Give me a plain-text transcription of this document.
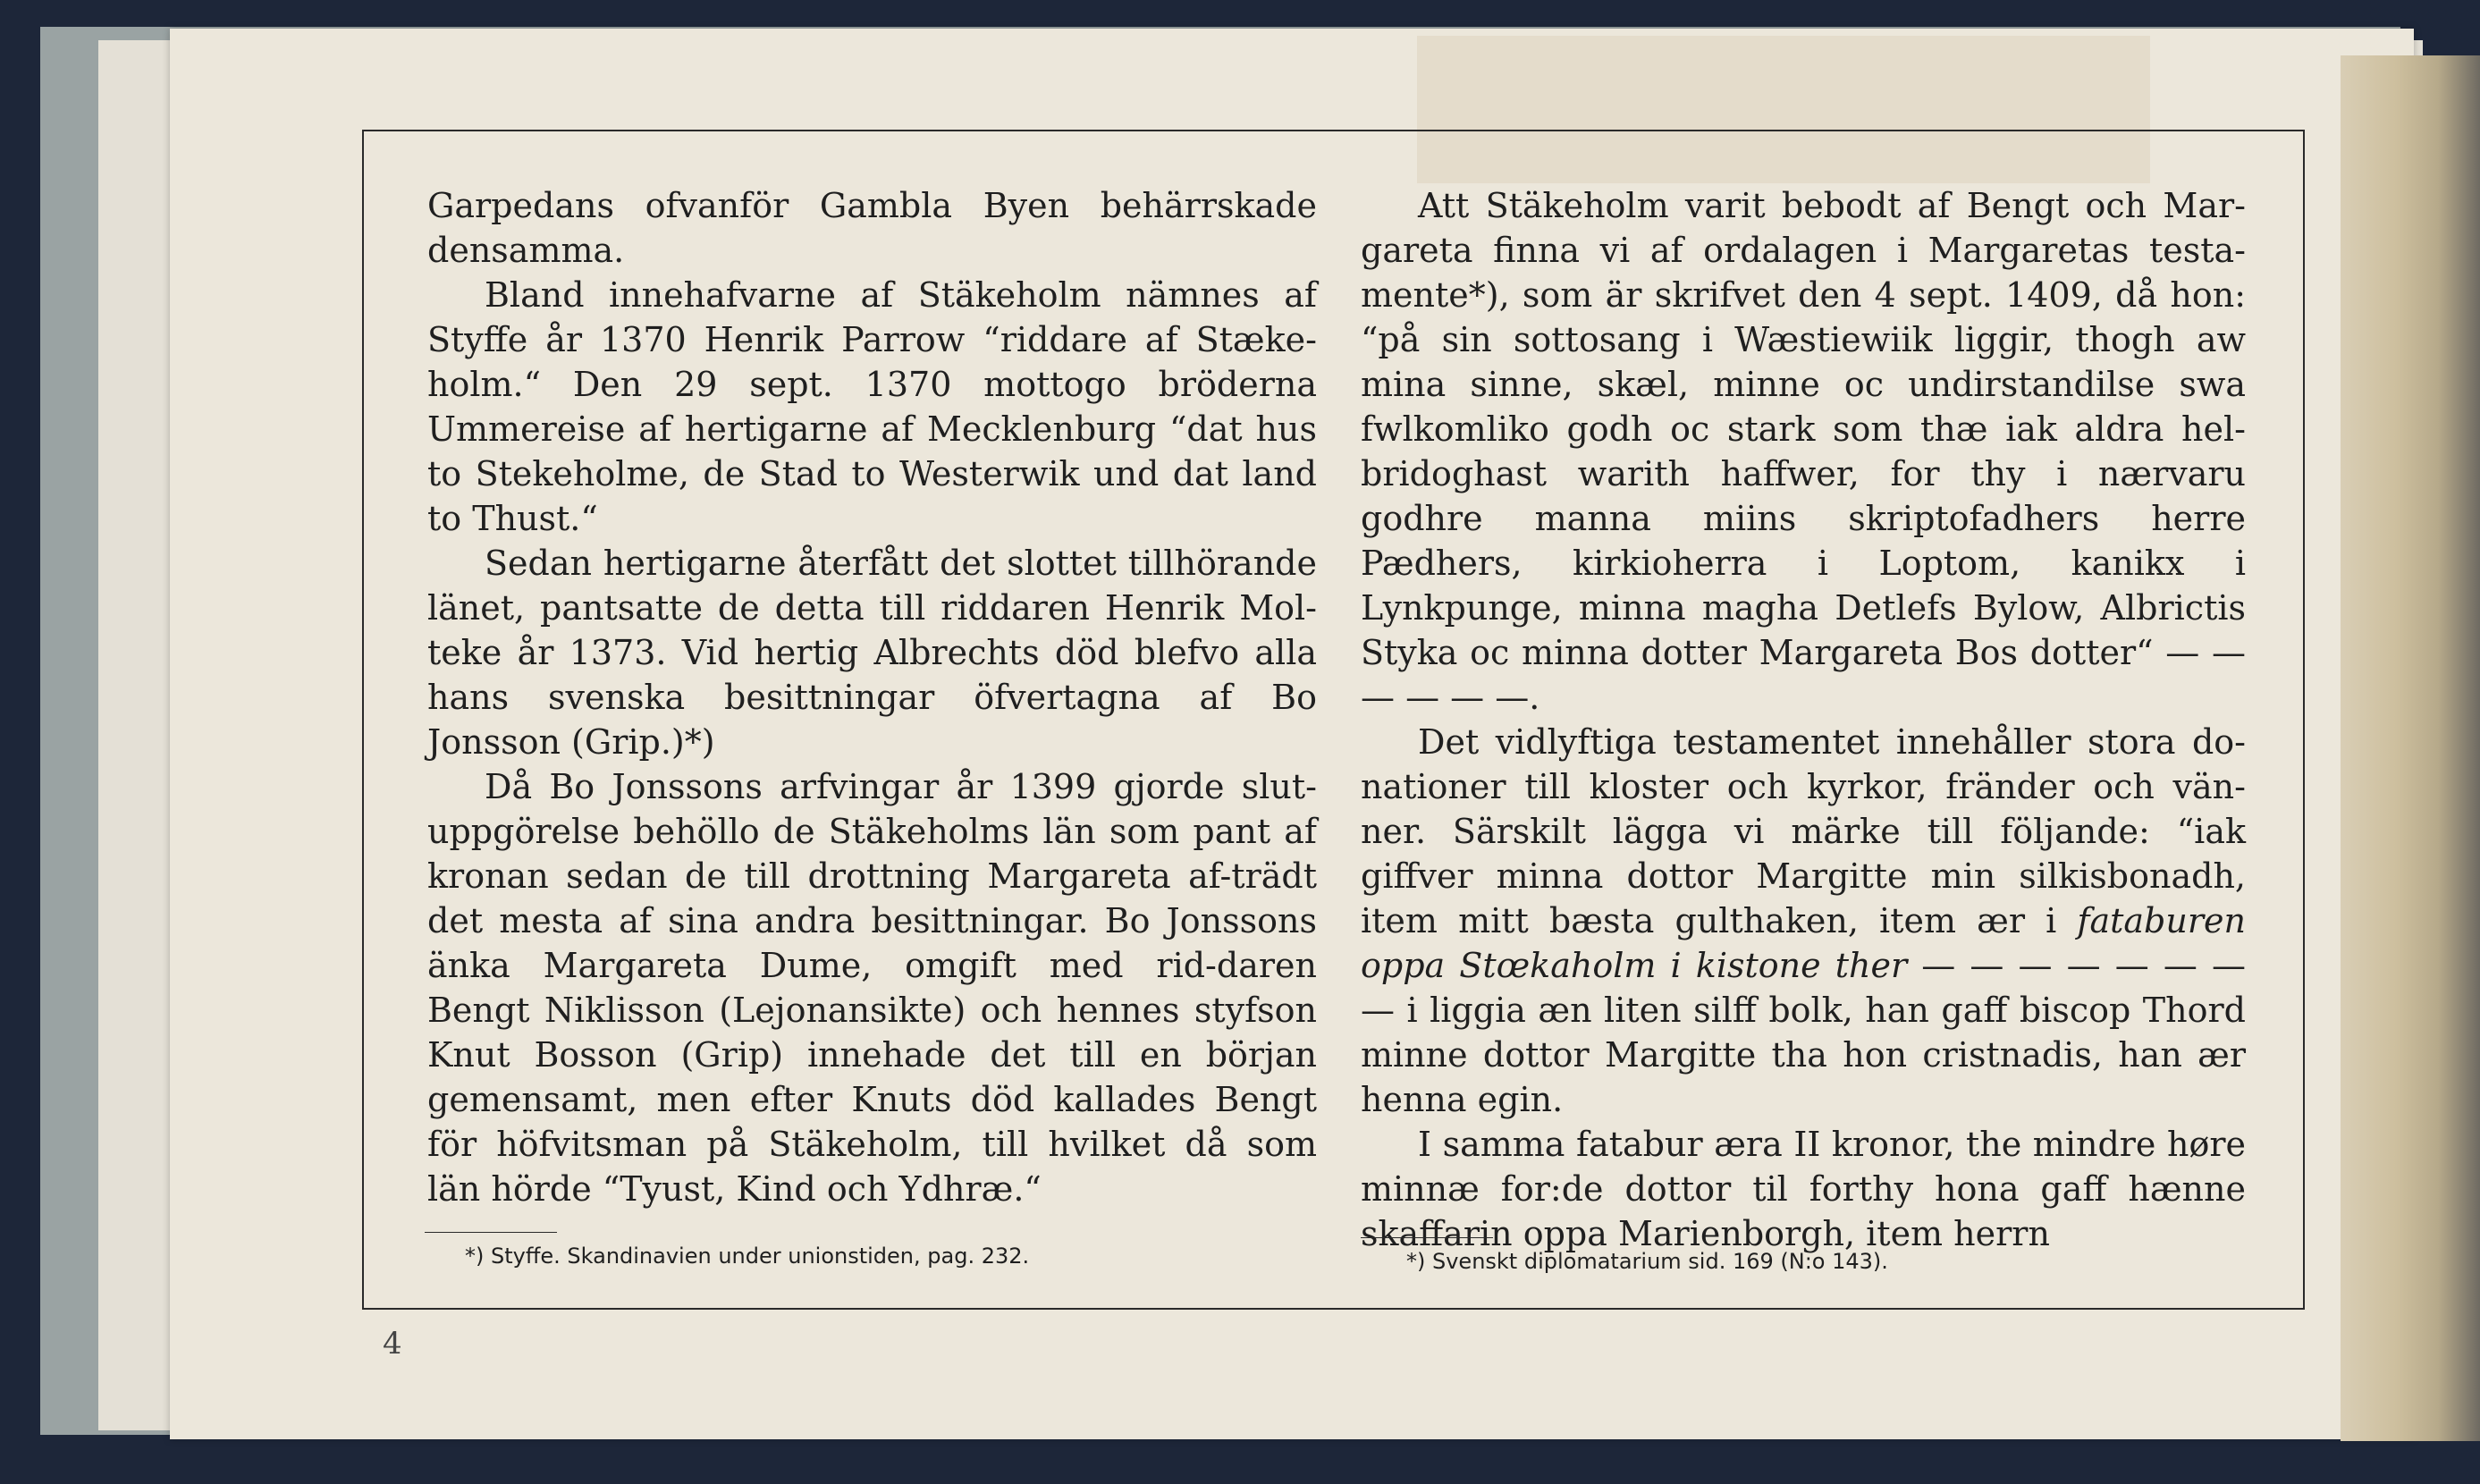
Garpedans ofvanför Gambla Byen behärrskade densamma.

Bland innehafvarne af Stäkeholm nämnes af Styffe år 1370 Henrik Parrow “riddare af Stæke-holm.“ Den 29 sept. 1370 mottogo bröderna Ummereise af hertigarne af Mecklenburg “dat hus to Stekeholme, de Stad to Westerwik und dat land to Thust.“

Sedan hertigarne återfått det slottet tillhörande länet, pantsatte de detta till riddaren Henrik Mol-teke år 1373. Vid hertig Albrechts död blefvo alla hans svenska besittningar öfvertagna af Bo Jonsson (Grip.)*)

Då Bo Jonssons arfvingar år 1399 gjorde slut-uppgörelse behöllo de Stäkeholms län som pant af kronan sedan de till drottning Margareta af-trädt det mesta af sina andra besittningar. Bo Jonssons änka Margareta Dume, omgift med rid-daren Bengt Niklisson (Lejonansikte) och hennes styfson Knut Bosson (Grip) innehade det till en början gemensamt, men efter Knuts död kallades Bengt för höfvitsman på Stäkeholm, till hvilket då som län hörde “Tyust, Kind och Ydhræ.“

Att Stäkeholm varit bebodt af Bengt och Mar-gareta finna vi af ordalagen i Margaretas testa-mente*), som är skrifvet den 4 sept. 1409, då hon: “på sin sottosang i Wæstiewiik liggir, thogh aw mina sinne, skæl, minne oc undirstandilse swa fwlkomliko godh oc stark som thæ iak aldra hel-bridoghast warith haffwer, for thy i nærvaru godhre manna miins skriptofadhers herre Pædhers, kirkioherra i Loptom, kanikx i Lynkpunge, minna magha Detlefs Bylow, Albrictis Styka oc minna dotter Margareta Bos dotter“ — — — — — —.

Det vidlyftiga testamentet innehåller stora do-nationer till kloster och kyrkor, fränder och vän-ner. Särskilt lägga vi märke till följande: “iak giffver minna dottor Margitte min silkisbonadh, item mitt bæsta gulthaken, item ær i fataburen oppa Stœkaholm i kistone ther — — — — — — — — i liggia æn liten silff bolk, han gaff biscop Thord minne dottor Margitte tha hon cristnadis, han ær henna egin.

I samma fatabur æra II kronor, the mindre høre minnæ for:de dottor til forthy hona gaff hænne skaffarin oppa Marienborgh, item herrn

*) Styffe. Skandinavien under unionstiden, pag. 232.	*) Svenskt diplomatarium sid. 169 (N:o 143).
4
